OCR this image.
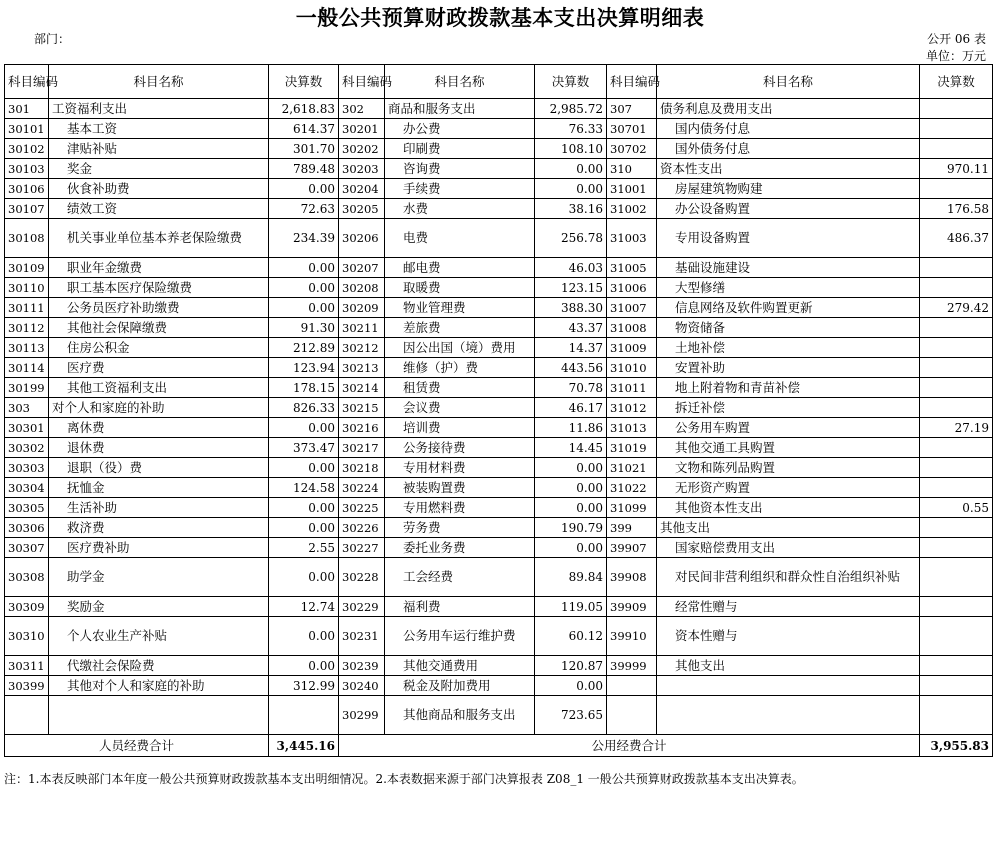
一般公共预算财政拨款基本支出决算明细表
部门：	公开 06 表
单位：万元
科目编码	科目名称	决算数	科目编码	科目名称	决算数	科目编码	科目名称	决算数
301	工资福利支出	2,618.83	302	商品和服务支出	2,985.72	307	债务利息及费用支出	
30101	基本工资	614.37	30201	办公费	76.33	30701	国内债务付息	
30102	津贴补贴	301.70	30202	印刷费	108.10	30702	国外债务付息	
30103	奖金	789.48	30203	咨询费	0.00	310	资本性支出	970.11
30106	伙食补助费	0.00	30204	手续费	0.00	31001	房屋建筑物购建	
30107	绩效工资	72.63	30205	水费	38.16	31002	办公设备购置	176.58
30108	机关事业单位基本养老保险缴费	234.39	30206	电费	256.78	31003	专用设备购置	486.37
30109	职业年金缴费	0.00	30207	邮电费	46.03	31005	基础设施建设	
30110	职工基本医疗保险缴费	0.00	30208	取暖费	123.15	31006	大型修缮	
30111	公务员医疗补助缴费	0.00	30209	物业管理费	388.30	31007	信息网络及软件购置更新	279.42
30112	其他社会保障缴费	91.30	30211	差旅费	43.37	31008	物资储备	
30113	住房公积金	212.89	30212	因公出国（境）费用	14.37	31009	土地补偿	
30114	医疗费	123.94	30213	维修（护）费	443.56	31010	安置补助	
30199	其他工资福利支出	178.15	30214	租赁费	70.78	31011	地上附着物和青苗补偿	
303	对个人和家庭的补助	826.33	30215	会议费	46.17	31012	拆迁补偿	
30301	离休费	0.00	30216	培训费	11.86	31013	公务用车购置	27.19
30302	退休费	373.47	30217	公务接待费	14.45	31019	其他交通工具购置	
30303	退职（役）费	0.00	30218	专用材料费	0.00	31021	文物和陈列品购置	
30304	抚恤金	124.58	30224	被装购置费	0.00	31022	无形资产购置	
30305	生活补助	0.00	30225	专用燃料费	0.00	31099	其他资本性支出	0.55
30306	救济费	0.00	30226	劳务费	190.79	399	其他支出	
30307	医疗费补助	2.55	30227	委托业务费	0.00	39907	国家赔偿费用支出	
30308	助学金	0.00	30228	工会经费	89.84	39908	对民间非营利组织和群众性自治组织补贴	
30309	奖励金	12.74	30229	福利费	119.05	39909	经常性赠与	
30310	个人农业生产补贴	0.00	30231	公务用车运行维护费	60.12	39910	资本性赠与	
30311	代缴社会保险费	0.00	30239	其他交通费用	120.87	39999	其他支出	
30399	其他对个人和家庭的补助	312.99	30240	税金及附加费用	0.00			
			30299	其他商品和服务支出	723.65			
人员经费合计		3,445.16	公用经费合计					3,955.83
注：1.本表反映部门本年度一般公共预算财政拨款基本支出明细情况。2.本表数据来源于部门决算报表 Z08_1 一般公共预算财政拨款基本支出决算表。
